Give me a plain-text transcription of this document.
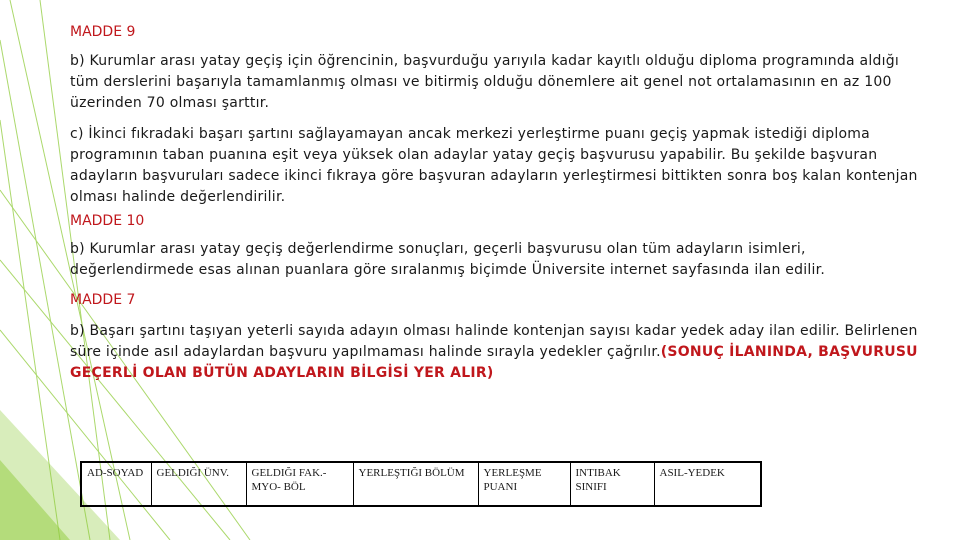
MADDE 9

b) Kurumlar arası yatay geçiş için öğrencinin, başvurduğu yarıyıla kadar kayıtlı olduğu diploma programında aldığı tüm derslerini başarıyla tamamlanmış olması ve bitirmiş olduğu dönemlere ait genel not ortalamasının en az 100 üzerinden 70 olması şarttır.

c) İkinci fıkradaki başarı şartını sağlayamayan ancak merkezi yerleştirme puanı geçiş yapmak istediği diploma programının taban puanına eşit veya yüksek olan adaylar yatay geçiş başvurusu yapabilir. Bu şekilde başvuran adayların başvuruları sadece ikinci fıkraya göre başvuran adayların yerleştirmesi bittikten sonra boş kalan kontenjan olması halinde değerlendirilir.

MADDE 10

b) Kurumlar arası yatay geçiş değerlendirme sonuçları, geçerli başvurusu olan tüm adayların isimleri, değerlendirmede esas alınan puanlara göre sıralanmış biçimde Üniversite internet sayfasında ilan edilir.

MADDE 7

b) Başarı şartını taşıyan yeterli sayıda adayın olması halinde kontenjan sayısı kadar yedek aday ilan edilir. Belirlenen süre içinde asıl adaylardan başvuru yapılmaması halinde sırayla yedekler çağrılır.(SONUÇ İLANINDA, BAŞVURUSU GEÇERLİ OLAN BÜTÜN ADAYLARIN BİLGİSİ YER ALIR)

AD-SOYAD	GELDIĞI ÜNV.	GELDIĞI FAK.-MYO- BÖL	YERLEŞTIĞI BÖLÜM	YERLEŞME PUANI	INTIBAK SINIFI	ASIL-YEDEK
